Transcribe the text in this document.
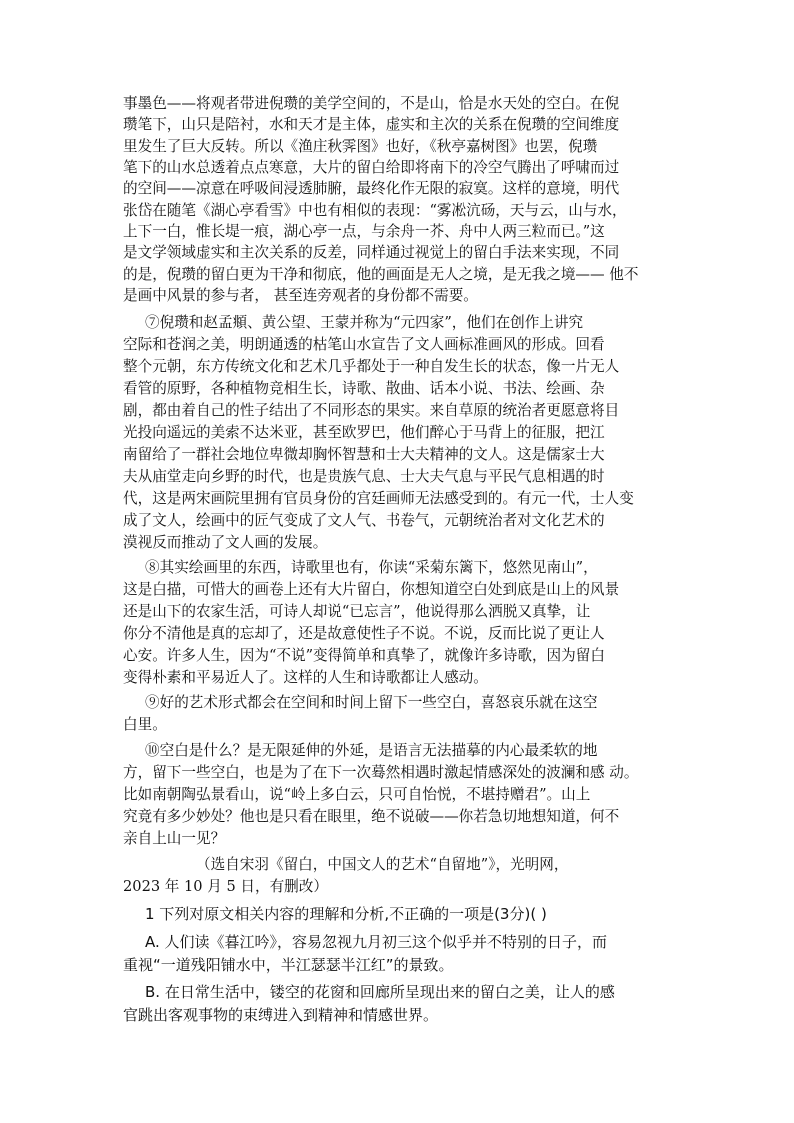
事墨色——将观者带进倪瓒的美学空间的，不是山，恰是水天处的空白。在倪
瓒笔下，山只是陪衬，水和天才是主体，虚实和主次的关系在倪瓒的空间维度
里发生了巨大反转。所以《渔庄秋霁图》也好，《秋亭嘉树图》也罢，倪瓒
笔下的山水总透着点点寒意，大片的留白给即将南下的冷空气腾出了呼啸而过
的空间——凉意在呼吸间浸透肺腑，最终化作无限的寂寞。这样的意境，明代
张岱在随笔《湖心亭看雪》中也有相似的表现：“雾凇沆砀，天与云，山与水，
上下一白，惟长堤一痕，湖心亭一点，与余舟一芥、舟中人两三粒而已。”这
是文学领域虚实和主次关系的反差，同样通过视觉上的留白手法来实现，不同
的是，倪瓒的留白更为干净和彻底，他的画面是无人之境，是无我之境—— 他不
是画中风景的参与者， 甚至连旁观者的身份都不需要。
⑦倪瓒和赵孟頫、黄公望、王蒙并称为“元四家”，他们在创作上讲究
空际和苍润之美，明朗通透的枯笔山水宣告了文人画标准画风的形成。回看
整个元朝，东方传统文化和艺术几乎都处于一种自发生长的状态，像一片无人
看管的原野，各种植物竞相生长，诗歌、散曲、话本小说、书法、绘画、杂
剧，都由着自己的性子结出了不同形态的果实。来自草原的统治者更愿意将目
光投向遥远的美索不达米亚，甚至欧罗巴，他们醉心于马背上的征服，把江
南留给了一群社会地位卑微却胸怀智慧和士大夫精神的文人。这是儒家士大
夫从庙堂走向乡野的时代，也是贵族气息、士大夫气息与平民气息相遇的时
代，这是两宋画院里拥有官员身份的宫廷画师无法感受到的。有元一代，士人变
成了文人，绘画中的匠气变成了文人气、书卷气，元朝统治者对文化艺术的
漠视反而推动了文人画的发展。
⑧其实绘画里的东西，诗歌里也有，你读“采菊东篱下，悠然见南山”，
这是白描，可惜大的画卷上还有大片留白，你想知道空白处到底是山上的风景
还是山下的农家生活，可诗人却说“已忘言”，他说得那么洒脱又真挚，让
你分不清他是真的忘却了，还是故意使性子不说。不说，反而比说了更让人
心安。许多人生，因为“不说”变得简单和真挚了，就像许多诗歌，因为留白
变得朴素和平易近人了。这样的人生和诗歌都让人感动。
⑨好的艺术形式都会在空间和时间上留下一些空白，喜怒哀乐就在这空
白里。
⑩空白是什么？是无限延伸的外延，是语言无法描摹的内心最柔软的地
方，留下一些空白，也是为了在下一次蓦然相遇时激起情感深处的波澜和感 动。
比如南朝陶弘景看山，说“岭上多白云，只可自怡悦，不堪持赠君”。山上
究竟有多少妙处？他也是只看在眼里，绝不说破——你若急切地想知道，何不
亲自上山一见？
（选自宋羽《留白，中国文人的艺术“自留地”》，光明网，
2023 年 10 月 5 日，有删改）
1 下列对原文相关内容的理解和分析,不正确的一项是(3分)( )
A. 人们读《暮江吟》，容易忽视九月初三这个似乎并不特别的日子，而
重视“一道残阳铺水中，半江瑟瑟半江红”的景致。
B. 在日常生活中，镂空的花窗和回廊所呈现出来的留白之美，让人的感
官跳出客观事物的束缚进入到精神和情感世界。
